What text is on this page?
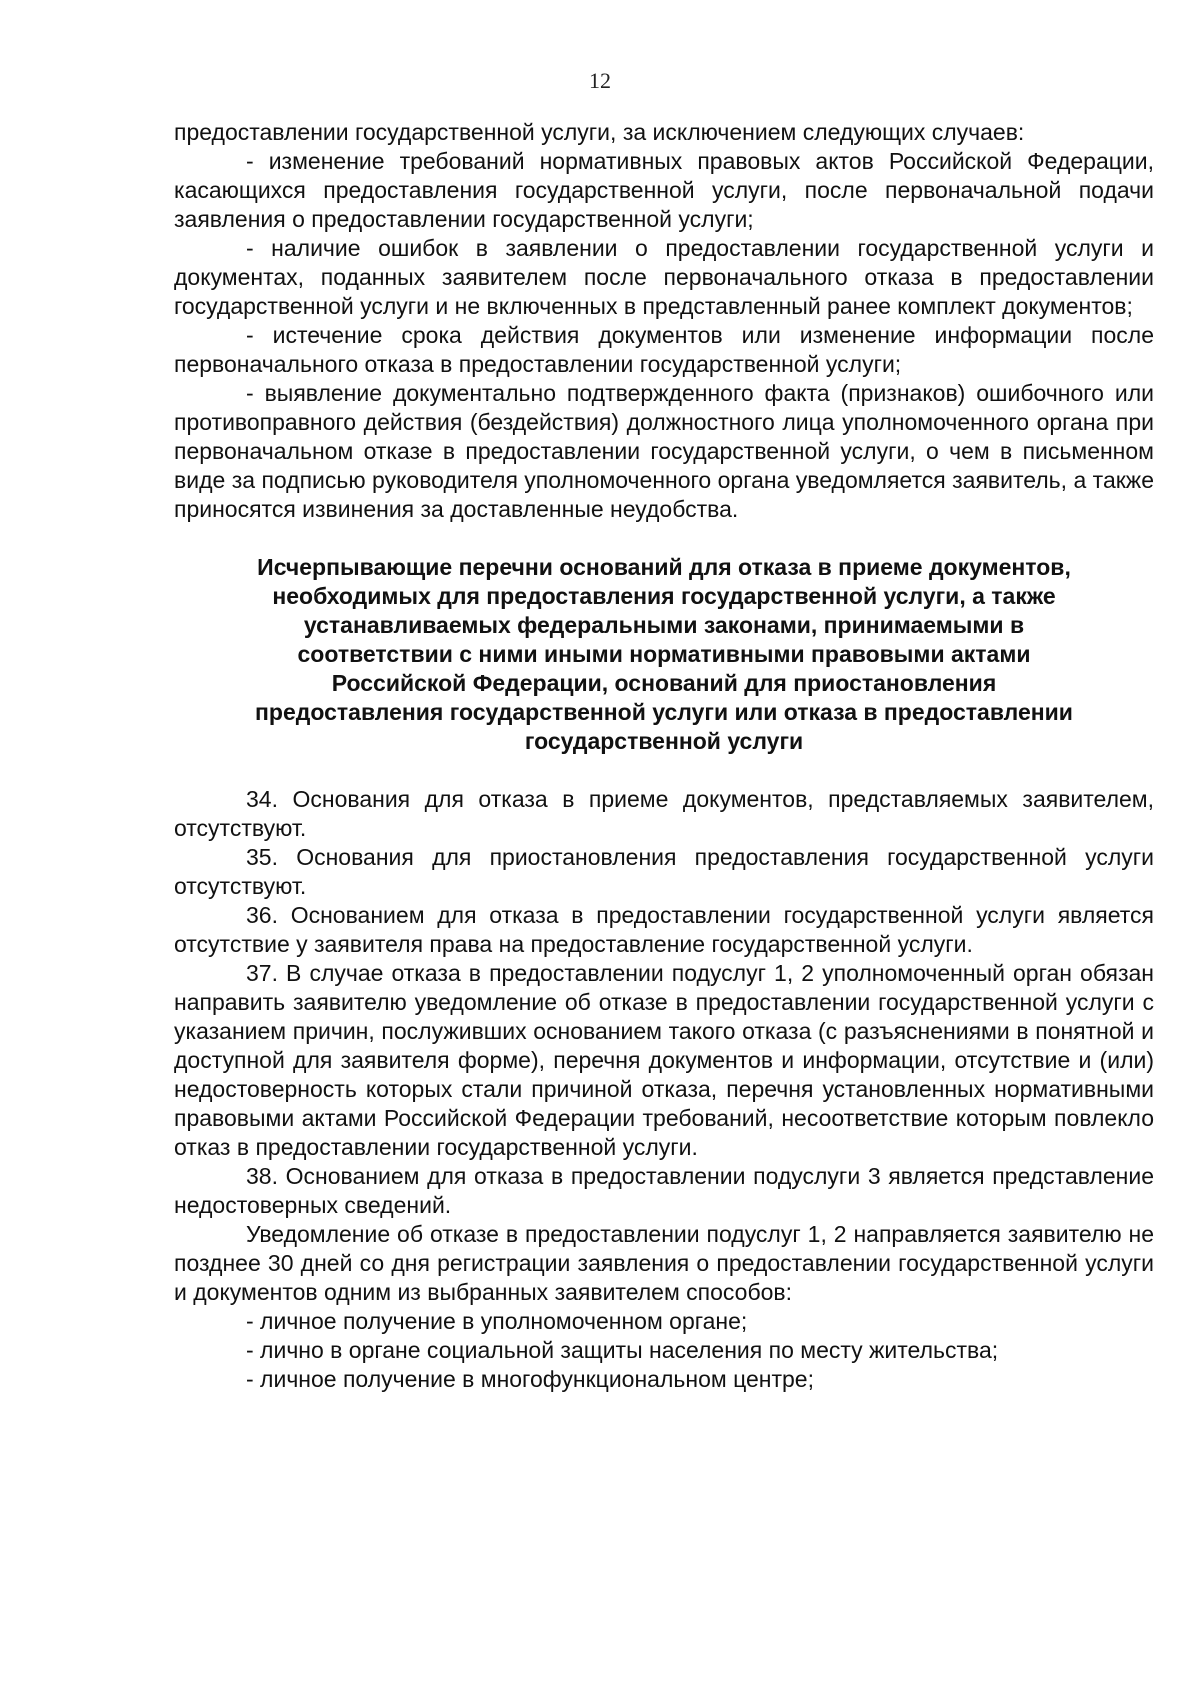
12

предоставлении государственной услуги, за исключением следующих случаев:

- изменение требований нормативных правовых актов Российской Федерации, касающихся предоставления государственной услуги, после первоначальной подачи заявления о предоставлении государственной услуги;

- наличие ошибок в заявлении о предоставлении государственной услуги и документах, поданных заявителем после первоначального отказа в предоставлении государственной услуги и не включенных в представленный ранее комплект документов;

- истечение срока действия документов или изменение информации после первоначального отказа в предоставлении государственной услуги;

- выявление документально подтвержденного факта (признаков) ошибочного или противоправного действия (бездействия) должностного лица уполномоченного органа при первоначальном отказе в предоставлении государственной услуги, о чем в письменном виде за подписью руководителя уполномоченного органа уведомляется заявитель, а также приносятся извинения за доставленные неудобства.

Исчерпывающие перечни оснований для отказа в приеме документов,
необходимых для предоставления государственной услуги, а также
устанавливаемых федеральными законами, принимаемыми в
соответствии с ними иными нормативными правовыми актами
Российской Федерации, оснований для приостановления
предоставления государственной услуги или отказа в предоставлении
государственной услуги

34. Основания для отказа в приеме документов, представляемых заявителем, отсутствуют.

35. Основания для приостановления предоставления государственной услуги отсутствуют.

36. Основанием для отказа в предоставлении государственной услуги является отсутствие у заявителя права на предоставление государственной услуги.

37. В случае отказа в предоставлении подуслуг 1, 2 уполномоченный орган обязан направить заявителю уведомление об отказе в предоставлении государственной услуги с указанием причин, послуживших основанием такого отказа (с разъяснениями в понятной и доступной для заявителя форме), перечня документов и информации, отсутствие и (или) недостоверность которых стали причиной отказа, перечня установленных нормативными правовыми актами Российской Федерации требований, несоответствие которым повлекло отказ в предоставлении государственной услуги.

38. Основанием для отказа в предоставлении подуслуги 3 является представление недостоверных сведений.

Уведомление об отказе в предоставлении подуслуг 1, 2 направляется заявителю не позднее 30 дней со дня регистрации заявления о предоставлении государственной услуги и документов одним из выбранных заявителем способов:

- личное получение в уполномоченном органе;

- лично в органе социальной защиты населения по месту жительства;

- личное получение в многофункциональном центре;
